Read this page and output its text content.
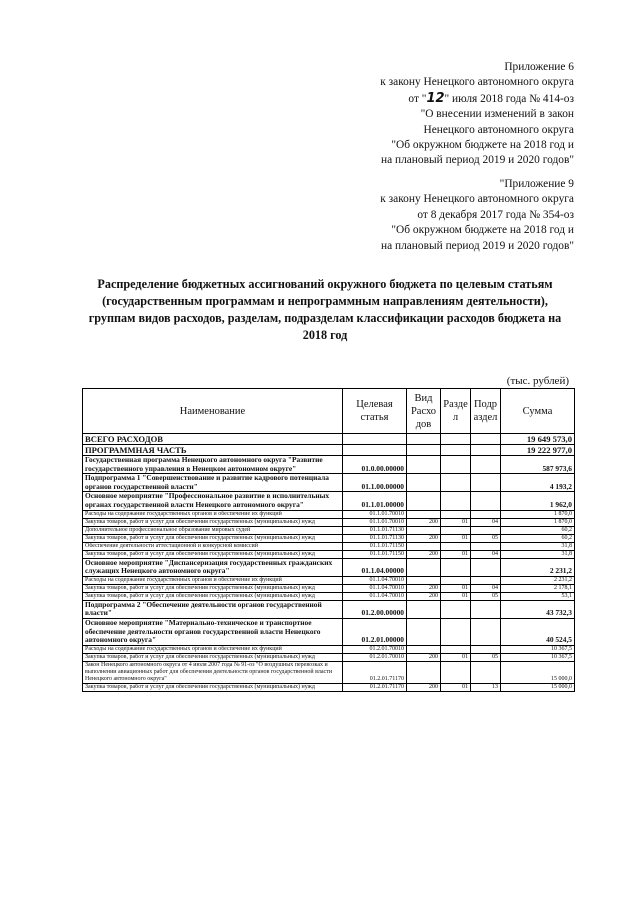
Приложение 6
к закону Ненецкого автономного округа
от "12" июля 2018 года № 414-оз
"О внесении изменений в закон
Ненецкого автономного округа
"Об окружном бюджете на 2018 год и
на плановый период 2019 и 2020 годов"
"Приложение 9
к закону Ненецкого автономного округа
от 8 декабря 2017 года № 354-оз
"Об окружном бюджете на 2018 год и
на плановый период 2019 и 2020 годов"
Распределение бюджетных ассигнований окружного бюджета по целевым статьям (государственным программам и непрограммным направлениям деятельности), группам видов расходов, разделам, подразделам классификации расходов бюджета на 2018 год
(тыс. рублей)
Наименование	Целевая статья	Вид Расхо дов	Разде л	Подр аздел	Сумма
ВСЕГО РАСХОДОВ					19 649 573,0
ПРОГРАММНАЯ ЧАСТЬ					19 222 977,0
Государственная программа Ненецкого автономного округа "Развитие государственного управления в Ненецком автономном округе"	01.0.00.00000				587 973,6
Подпрограмма 1 "Совершенствование и развитие кадрового потенциала органов государственной власти"	01.1.00.00000				4 193,2
Основное мероприятие "Профессиональное развитие в исполнительных органах государственной власти Ненецкого автономного округа"	01.1.01.00000				1 962,0
Расходы на содержание государственных органов и обеспечение их функций	01.1.01.70010				1 870,0
Закупка товаров, работ и услуг для обеспечения государственных (муниципальных) нужд	01.1.01.70010	200	01	04	1 870,0
Дополнительное профессиональное образование мировых судей	01.1.01.71130				60,2
Закупка товаров, работ и услуг для обеспечения государственных (муниципальных) нужд	01.1.01.71130	200	01	05	60,2
Обеспечение деятельности аттестационной и конкурсной комиссий	01.1.01.71150				31,8
Закупка товаров, работ и услуг для обеспечения государственных (муниципальных) нужд	01.1.01.71150	200	01	04	31,8
Основное мероприятие "Диспансеризация государственных гражданских служащих Ненецкого автономного округа"	01.1.04.00000				2 231,2
Расходы на содержание государственных органов и обеспечение их функций	01.1.04.70010				2 231,2
Закупка товаров, работ и услуг для обеспечения государственных (муниципальных) нужд	01.1.04.70010	200	01	04	2 178,1
Закупка товаров, работ и услуг для обеспечения государственных (муниципальных) нужд	01.1.04.70010	200	01	05	53,1
Подпрограмма 2 "Обеспечение деятельности органов государственной власти"	01.2.00.00000				43 732,3
Основное мероприятие "Материально-техническое и транспортное обеспечение деятельности органов государственной власти Ненецкого автономного округа"	01.2.01.00000				40 524,5
Расходы на содержание государственных органов и обеспечение их функций	01.2.01.70010				10 367,5
Закупка товаров, работ и услуг для обеспечения государственных (муниципальных) нужд	01.2.01.70010	200	01	05	10 367,5
Закон Ненецкого автономного округа от 4 июля 2007 года № 91-оз "О воздушных перевозках и выполнении авиационных работ для обеспечения деятельности органов государственной власти Ненецкого автономного округа"	01.2.01.71170				15 000,0
Закупка товаров, работ и услуг для обеспечения государственных (муниципальных) нужд	01.2.01.71170	200	01	13	15 000,0
